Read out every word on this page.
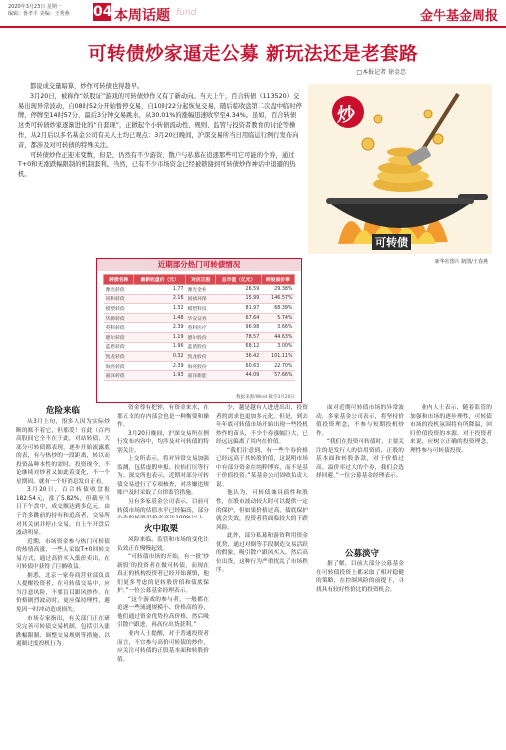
2020年3月23日 星期一
编辑：鲁孝平 美编：王秀燕	04 本周话题 fund	金牛基金周报
可转债炒家逼走公募 新玩法还是老套路
□本报记者 徐金忠

都说成交量暗算，炒作可转债也得趁早。

3月20日，被称作“妖股证”游戏的可转债炒作又有了新动向。当天上午，百合转债（113520）交易出现异常波动，自08时52分开始暂停交易，自10时22分起恢复交易，随后临收盘第二次盘中临时停牌，停牌至14时57分，最后3分钟交易跳水，从30.01%的涨幅迅速收窄至4.34%。虽如，百合转债这类可转债炒家逐渐进化的“自套现”，正掀起个小转债流动性、规则、监管与投资者教育的讨论等操作，从2月后以多名基金公司有关人士均已观点：3月20日晚间，沪深交易所当日用临运行例行发布向音，都涉及对可转债的特殊关注。

可转债炒作正迎来变数，但是，仍然有不少游资、散户与私募在追逐那些可它可能的个券，通过T+0和无涨跌幅限制的机制套利。当然，已有不少市场资金已经被锁谢到可转债炒作神话中退避的热机。

炒
可转债
新华社图片 制图/王春燕
近期部分热门可转债情况
转债名称	最新收盘价（元）	对应正股	总市值（亿元）	转股溢价率
豫光转债	1.77	豫光金业	26.59	29.38%
同和转债	2.16	国祯环保	15.99	146.57%
模塑转债	1.32	模塑科技	81.97	68.39%
华源转债	1.48	华安证券	67.64	5.74%
英科转债	2.39	英科医疗	96.98	3.66%
德尔转债	1.19	德尔股份	78.57	44.63%
蓝盾转债	1.96	蓝盾股份	68.12	3.00%
凯龙转债	0.32	凯龙股份	36.42	101.11%
海亮转债	2.39	海亮股份	60.63	22.70%
嘉泽转债	1.93	嘉泽新能	44.09	57.66%
数据来源/Wind 截至3月20日
危险来临
火中取栗
公募淡守

从3月上旬，很多人因为实际炒断的账不着它，但那爱！在此（百内高股间它全不在于此，对站转债，大部分可转债都表现，逐步开始流露底的表，有与热炒的一段距离，转以而投资品种本性的需时，投资现今，不论继续对炒者又如此着变化，不一个星期因，就有一个好消息发自正看。

3月20日，百合转债收盘报182.54元，涨了5.82%，但截至当日下午盘中，成交额达到多亿元。由于许多跳前的持有和追高者，交易所对其关闭并停止交易，自上午开盘后波动明显。

近期，市场资金参与热门可转债的热情高涨，一些人采取T+0回转交易方式，通过高价买入低价卖出，在可转债中获得了巨额收益。

据悉，北京一家券商营业部负责人提醒投资者，在可转债交易中，应当注意风险，不要盲目跟风炒作。在价格剧烈波动时，更应保持理性，避免因一时冲动造成损失。

市场专家指出，有关部门正在研究完善可转债交易机制，包括引入涨跌幅限制、调整交易规则等措施，以遏制过度投机行为。

资金尊有把钟，有资金来水，在那五支的存内部会也是一种衡要和操作。

3月20日晚间，沪深交易所在例行发布内容中，均涉及对可转债的特别关注。

上交所表示，将对异常交易加强监测，包括虚假申报、拉抬打压等行为。深交所也表示，近期对部分可转债交易进行了专项核查，对涉嫌违规账户及时采取了自律监管措施。

另有多家基金公司表示，目前可转债市场的估值水平已经偏高，部分

风险来临、监管和市场的变化让负效正在慢慢起效。

“可转债市场的开始，有一批‘炒新股’的投资者在做可转债，而现在真正的机构投资者已经开始谨慎，他们更多考虑的是转股价值和债底保护。”一位公募基金经理表示。

“这个游戏的参与者，一般都在追逐一些流通规模小、价格高的券，他们通过资金优势拉高价格，然后吸引散户跟进，再高位出货获利。”

业内人士提醒，对于普通投资者而言，不宜参与高价可转债的炒作，应关注可转债的正股基本面和转股价值。

少，越是越有人进进出出，投资者的需求也更加多元化。但是，到去年年底可转债市场开始出现一些投机炒作的苗头，不少个券涨幅巨大，已经远远偏离了其内在价值。

“我们注意到，有一些个券价格已经远高于其转股价值，这说明市场中有部分资金在纯粹博弈，而不是基于价值投资。”某基金公司固收负责人说。

他认为，可转债兼具债性和股性，在股市波动较大时可以提供一定的保护，但如果价格过高，债底保护就会失效，投资者将面临较大的下跌风险。

此外，部分私募和游资利用资金优势，通过对倒等手段制造交易活跃的假象，吸引散户跟风买入，然后高位出货，这种行为严重扰乱了市场秩序。

面对近期可转债市场的异常波动，多家基金公司表示，将坚持价值投资理念，不参与短期投机炒作。

“我们在投资可转债时，主要关注的是发行人的信用资质、正股的基本面和转股条款，对于价格过高、溢价率过大的个券，我们会选择回避。”一位公募基金经理表示。

据了解，目前大部分公募基金在可转债投资上都采取了相对稳健的策略，在控制风险的前提下，寻找具有较好性价比的投资机会。

业内人士表示，随着监管的加强和市场的逐步理性，可转债市场的投机氛围将有所降温，回归价值投资的本源。对于投资者来说，应树立正确的投资理念，理性参与可转债投资。
